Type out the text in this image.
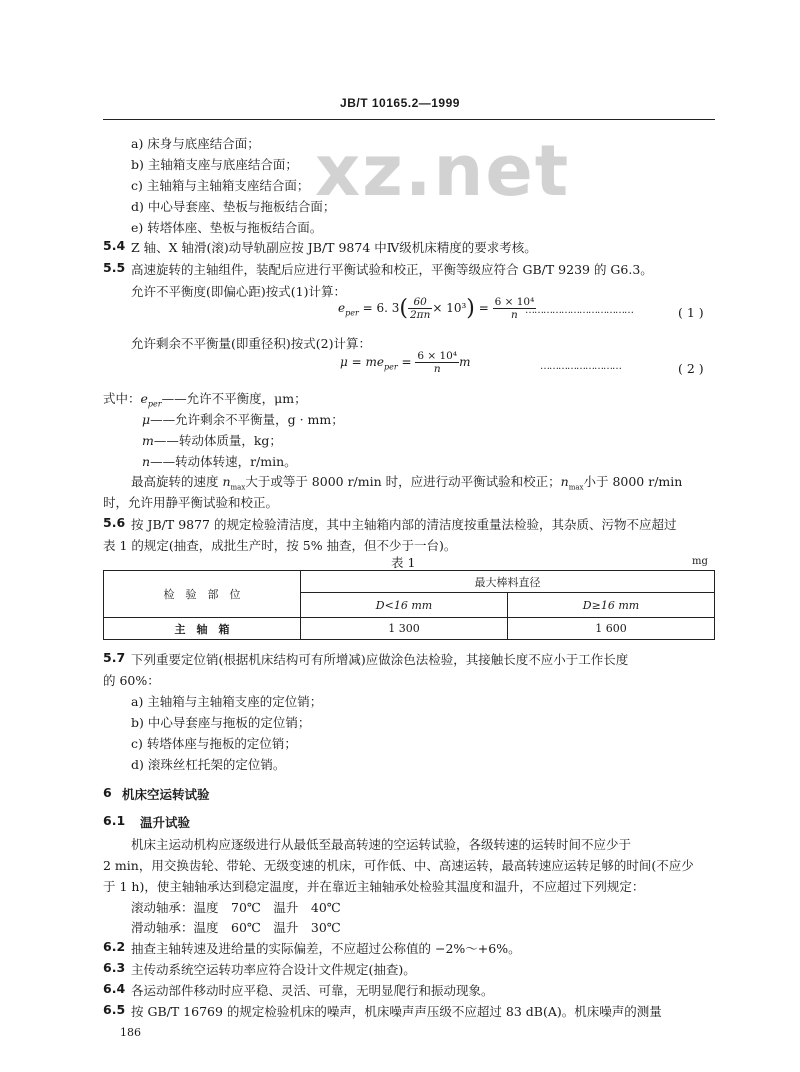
JB/T 10165.2—1999
xz.net
a) 床身与底座结合面；
b) 主轴箱支座与底座结合面；
c) 主轴箱与主轴箱支座结合面；
d) 中心导套座、垫板与拖板结合面；
e) 转塔体座、垫板与拖板结合面。
5.4 Z 轴、X 轴滑(滚)动导轨副应按 JB/T 9874 中Ⅳ级机床精度的要求考核。
5.5 高速旋转的主轴组件，装配后应进行平衡试验和校正，平衡等级应符合 GB/T 9239 的 G6.3。
允许不平衡度(即偏心距)按式(1)计算：
$e_{per} = 6$. $3( \frac{60}{2\pi n} \times 10^3) = \frac{\text{6 × 10⁴}}{n}$
………………………………	( 1 )
允许剩余不平衡量(即重径积)按式(2)计算：
$\mu = me_{per} = \frac{\text{6 × 10⁴}}{n}$ m	………………………	( 2 )
式中：$e_{per}——$允许不平衡度，μm；
μ——允许剩余不平衡量，g · mm；
m——转动体质量，kg；
n——转动体转速，r/min。
最高旋转的速度 $n_{max}$大于或等于 8000 r/min 时，应进行动平衡试验和校正；$n_{max}$小于 8000 r/min
时，允许用静平衡试验和校正。
5.6 按 JB/T 9877 的规定检验清洁度，其中主轴箱内部的清洁度按重量法检验，其杂质、污物不应超过
表 1 的规定(抽查，成批生产时，按 5% 抽查，但不少于一台)。
表 1	mg
检　验　部　位	最大棒料直径	
	D<16 mm	D≥16 mm
主　轴　箱	1 300	1 600
5.7 下列重要定位销(根据机床结构可有所增减)应做涂色法检验，其接触长度不应小于工作长度
的 60%：
a) 主轴箱与主轴箱支座的定位销；
b) 中心导套座与拖板的定位销；
c) 转塔体座与拖板的定位销；
d) 滚珠丝杠托架的定位销。
6 机床空运转试验
6.1 温升试验
机床主运动机构应逐级进行从最低至最高转速的空运转试验，各级转速的运转时间不应少于
2 min，用交换齿轮、带轮、无级变速的机床，可作低、中、高速运转，最高转速应运转足够的时间(不应少
于 1 h)，使主轴轴承达到稳定温度，并在靠近主轴轴承处检验其温度和温升，不应超过下列规定：
滚动轴承：温度　70℃　温升　40℃
滑动轴承：温度　60℃　温升　30℃
6.2 抽查主轴转速及进给量的实际偏差，不应超过公称值的 −2%～+6%。
6.3 主传动系统空运转功率应符合设计文件规定(抽查)。
6.4 各运动部件移动时应平稳、灵活、可靠，无明显爬行和振动现象。
6.5 按 GB/T 16769 的规定检验机床的噪声，机床噪声声压级不应超过 83 dB(A)。机床噪声的测量
186
